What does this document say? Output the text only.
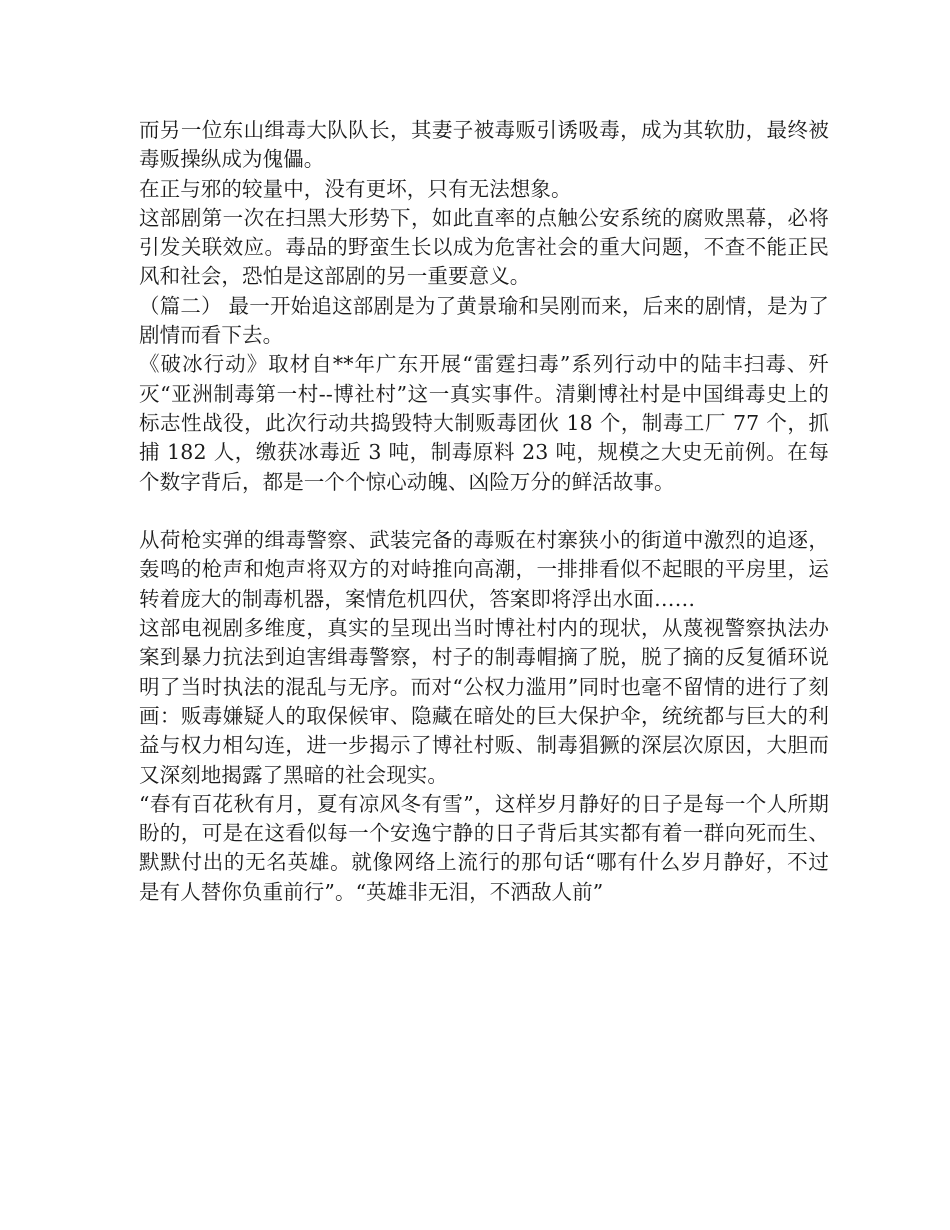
而另一位东山缉毒大队队长，其妻子被毒贩引诱吸毒，成为其软肋，最终被毒贩操纵成为傀儡。

在正与邪的较量中，没有更坏，只有无法想象。

这部剧第一次在扫黑大形势下，如此直率的点触公安系统的腐败黑幕，必将引发关联效应。毒品的野蛮生长以成为危害社会的重大问题，不查不能正民风和社会，恐怕是这部剧的另一重要意义。

（篇二） 最一开始追这部剧是为了黄景瑜和吴刚而来，后来的剧情，是为了剧情而看下去。

《破冰行动》取材自**年广东开展“雷霆扫毒”系列行动中的陆丰扫毒、歼灭“亚洲制毒第一村--博社村”这一真实事件。清剿博社村是中国缉毒史上的标志性战役，此次行动共捣毁特大制贩毒团伙 18 个，制毒工厂 77 个，抓捕 182 人，缴获冰毒近 3 吨，制毒原料 23 吨，规模之大史无前例。在每个数字背后，都是一个个惊心动魄、凶险万分的鲜活故事。

从荷枪实弹的缉毒警察、武装完备的毒贩在村寨狭小的街道中激烈的追逐，轰鸣的枪声和炮声将双方的对峙推向高潮，一排排看似不起眼的平房里，运转着庞大的制毒机器，案情危机四伏，答案即将浮出水面……

这部电视剧多维度，真实的呈现出当时博社村内的现状，从蔑视警察执法办案到暴力抗法到迫害缉毒警察，村子的制毒帽摘了脱，脱了摘的反复循环说明了当时执法的混乱与无序。而对“公权力滥用”同时也毫不留情的进行了刻画：贩毒嫌疑人的取保候审、隐藏在暗处的巨大保护伞，统统都与巨大的利益与权力相勾连，进一步揭示了博社村贩、制毒猖獗的深层次原因，大胆而又深刻地揭露了黑暗的社会现实。

“春有百花秋有月，夏有凉风冬有雪”，这样岁月静好的日子是每一个人所期盼的，可是在这看似每一个安逸宁静的日子背后其实都有着一群向死而生、默默付出的无名英雄。就像网络上流行的那句话“哪有什么岁月静好，不过是有人替你负重前行”。“英雄非无泪，不洒敌人前”
